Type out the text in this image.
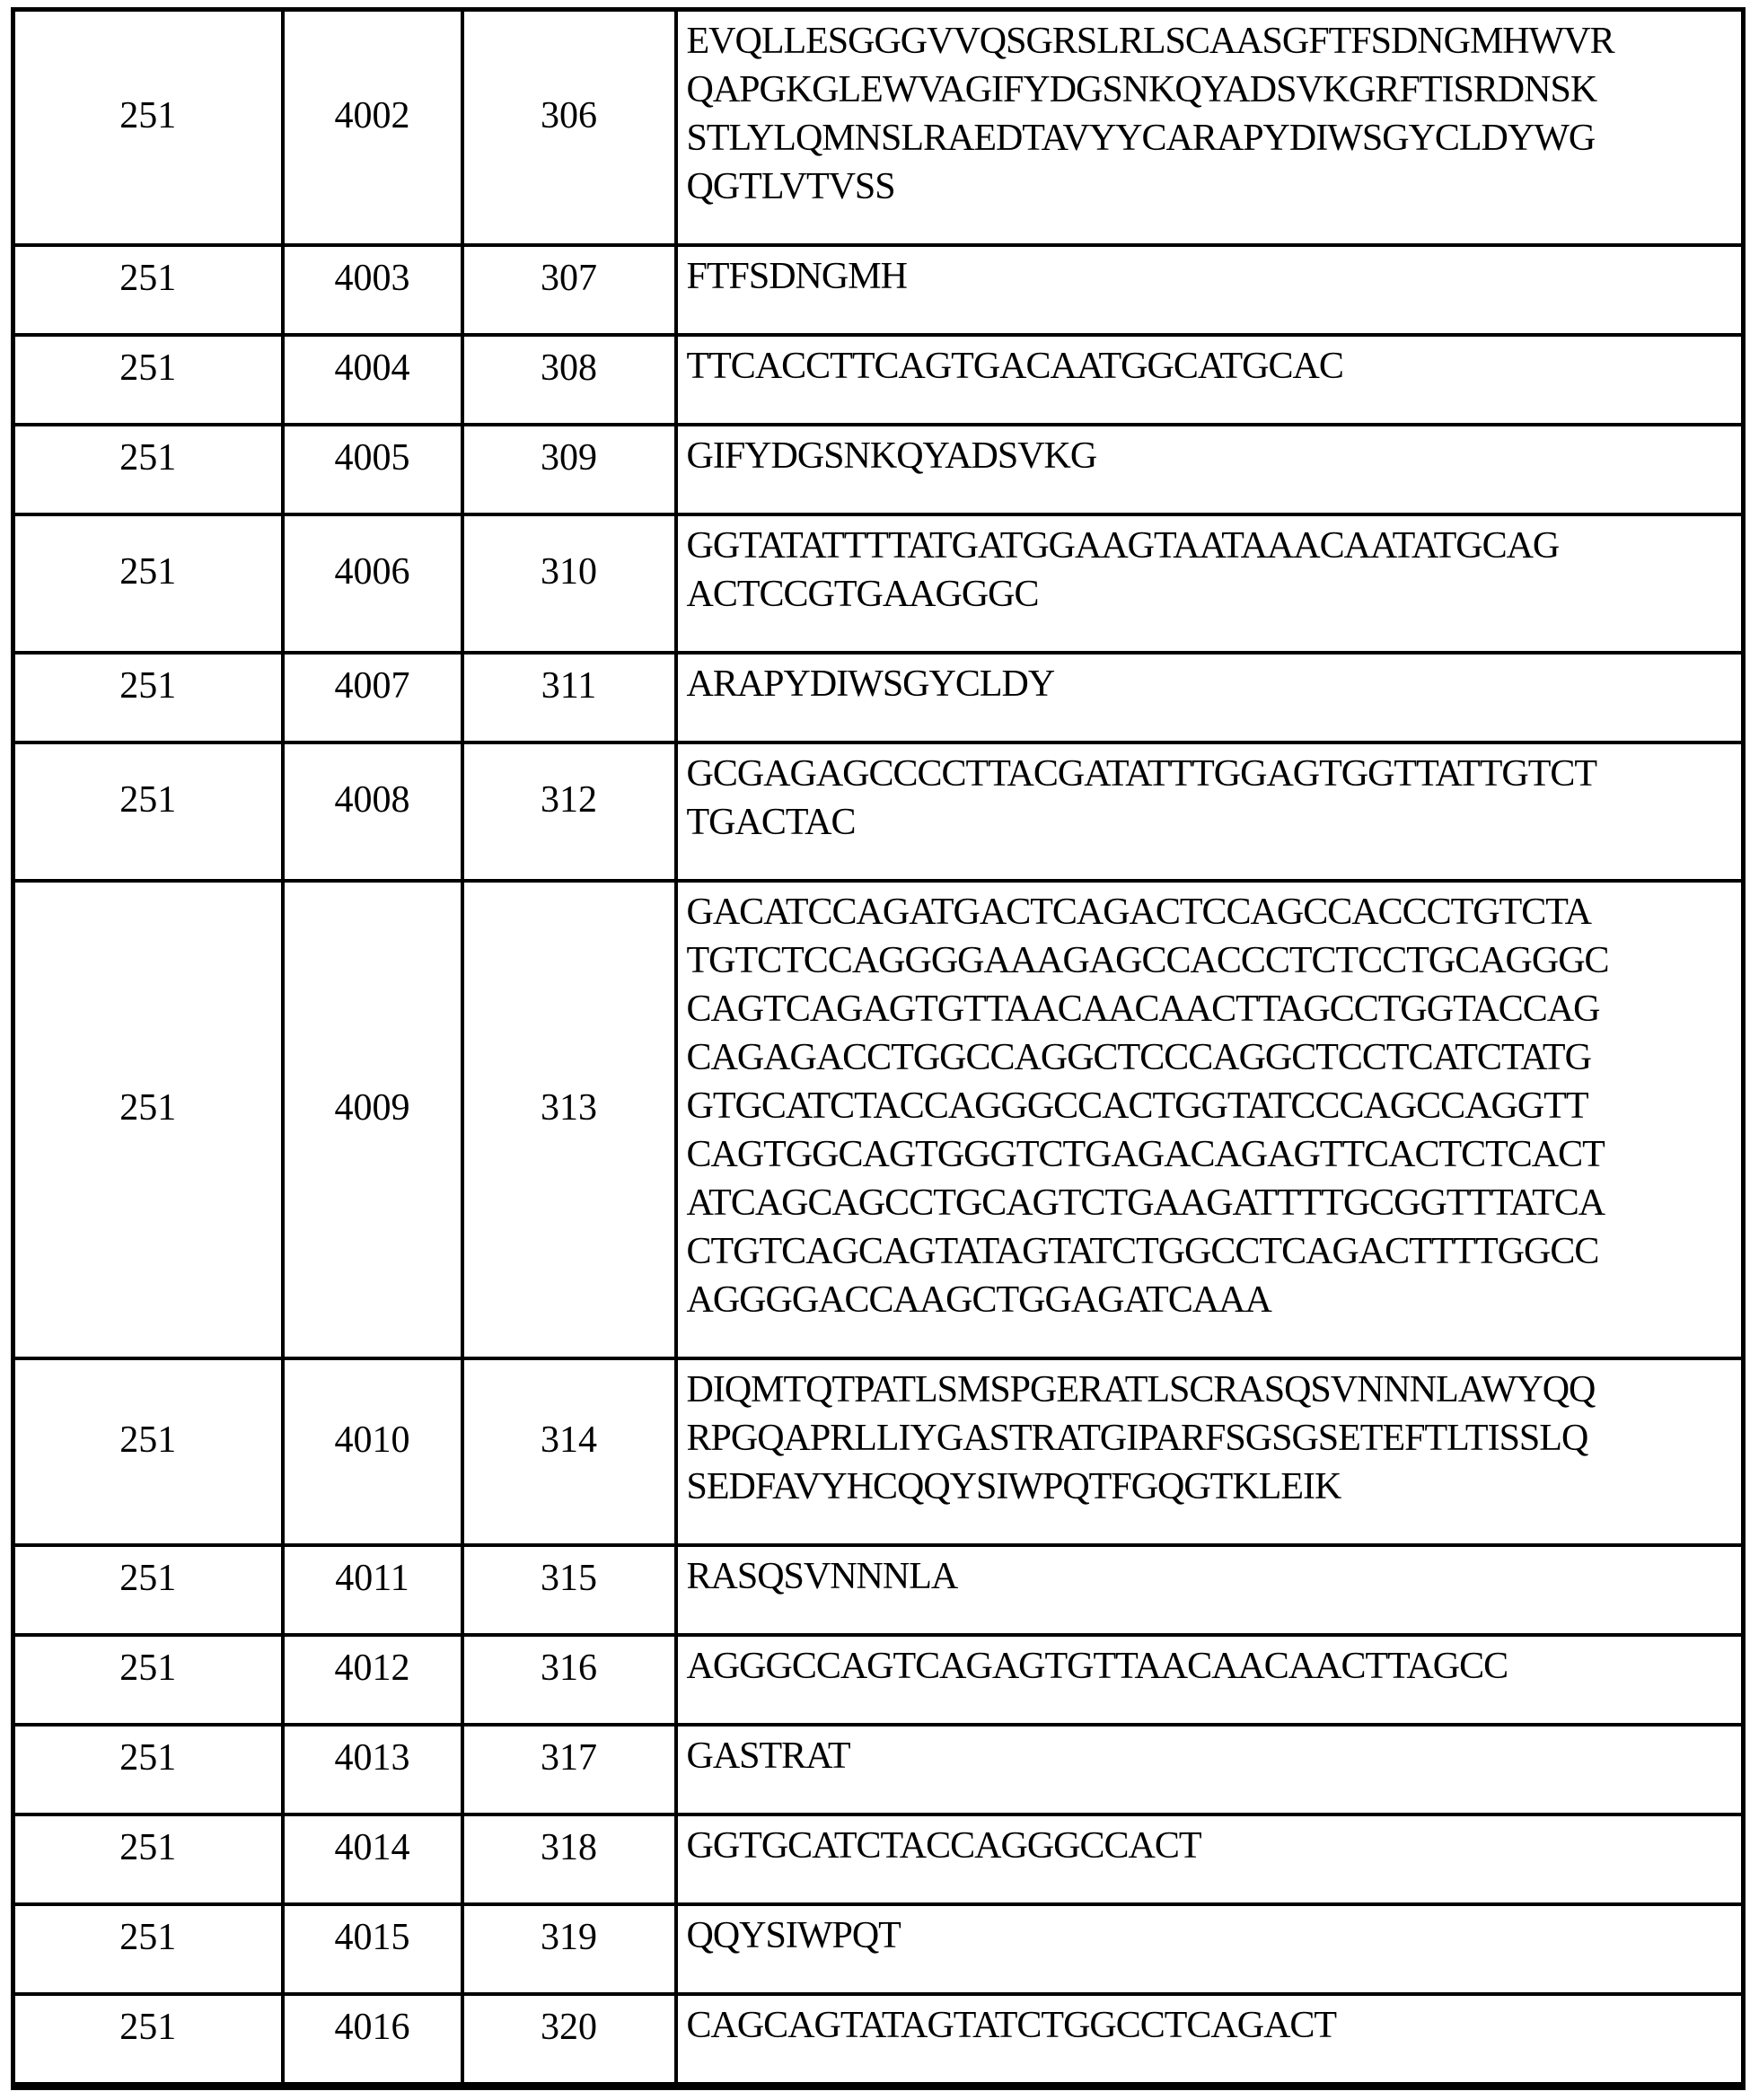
251	4002	306	EVQLLESGGGVVQSGRSLRLSCAASGFTFSDNGMHWVR
QAPGKGLEWVAGIFYDGSNKQYADSVKGRFTISRDNSK
STLYLQMNSLRAEDTAVYYCARAPYDIWSGYCLDYWG
QGTLVTVSS
251	4003	307	FTFSDNGMH
251	4004	308	TTCACCTTCAGTGACAATGGCATGCAC
251	4005	309	GIFYDGSNKQYADSVKG
251	4006	310	GGTATATTTTATGATGGAAGTAATAAACAATATGCAG
ACTCCGTGAAGGGC
251	4007	311	ARAPYDIWSGYCLDY
251	4008	312	GCGAGAGCCCCTTACGATATTTGGAGTGGTTATTGTCT
TGACTAC
251	4009	313	GACATCCAGATGACTCAGACTCCAGCCACCCTGTCTA
TGTCTCCAGGGGAAAGAGCCACCCTCTCCTGCAGGGC
CAGTCAGAGTGTTAACAACAACTTAGCCTGGTACCAG
CAGAGACCTGGCCAGGCTCCCAGGCTCCTCATCTATG
GTGCATCTACCAGGGCCACTGGTATCCCAGCCAGGTT
CAGTGGCAGTGGGTCTGAGACAGAGTTCACTCTCACT
ATCAGCAGCCTGCAGTCTGAAGATTTTGCGGTTTATCA
CTGTCAGCAGTATAGTATCTGGCCTCAGACTTTTGGCC
AGGGGACCAAGCTGGAGATCAAA
251	4010	314	DIQMTQTPATLSMSPGERATLSCRASQSVNNNLAWYQQ
RPGQAPRLLIYGASTRATGIPARFSGSGSETEFTLTISSLQ
SEDFAVYHCQQYSIWPQTFGQGTKLEIK
251	4011	315	RASQSVNNNLA
251	4012	316	AGGGCCAGTCAGAGTGTTAACAACAACTTAGCC
251	4013	317	GASTRAT
251	4014	318	GGTGCATCTACCAGGGCCACT
251	4015	319	QQYSIWPQT
251	4016	320	CAGCAGTATAGTATCTGGCCTCAGACT
